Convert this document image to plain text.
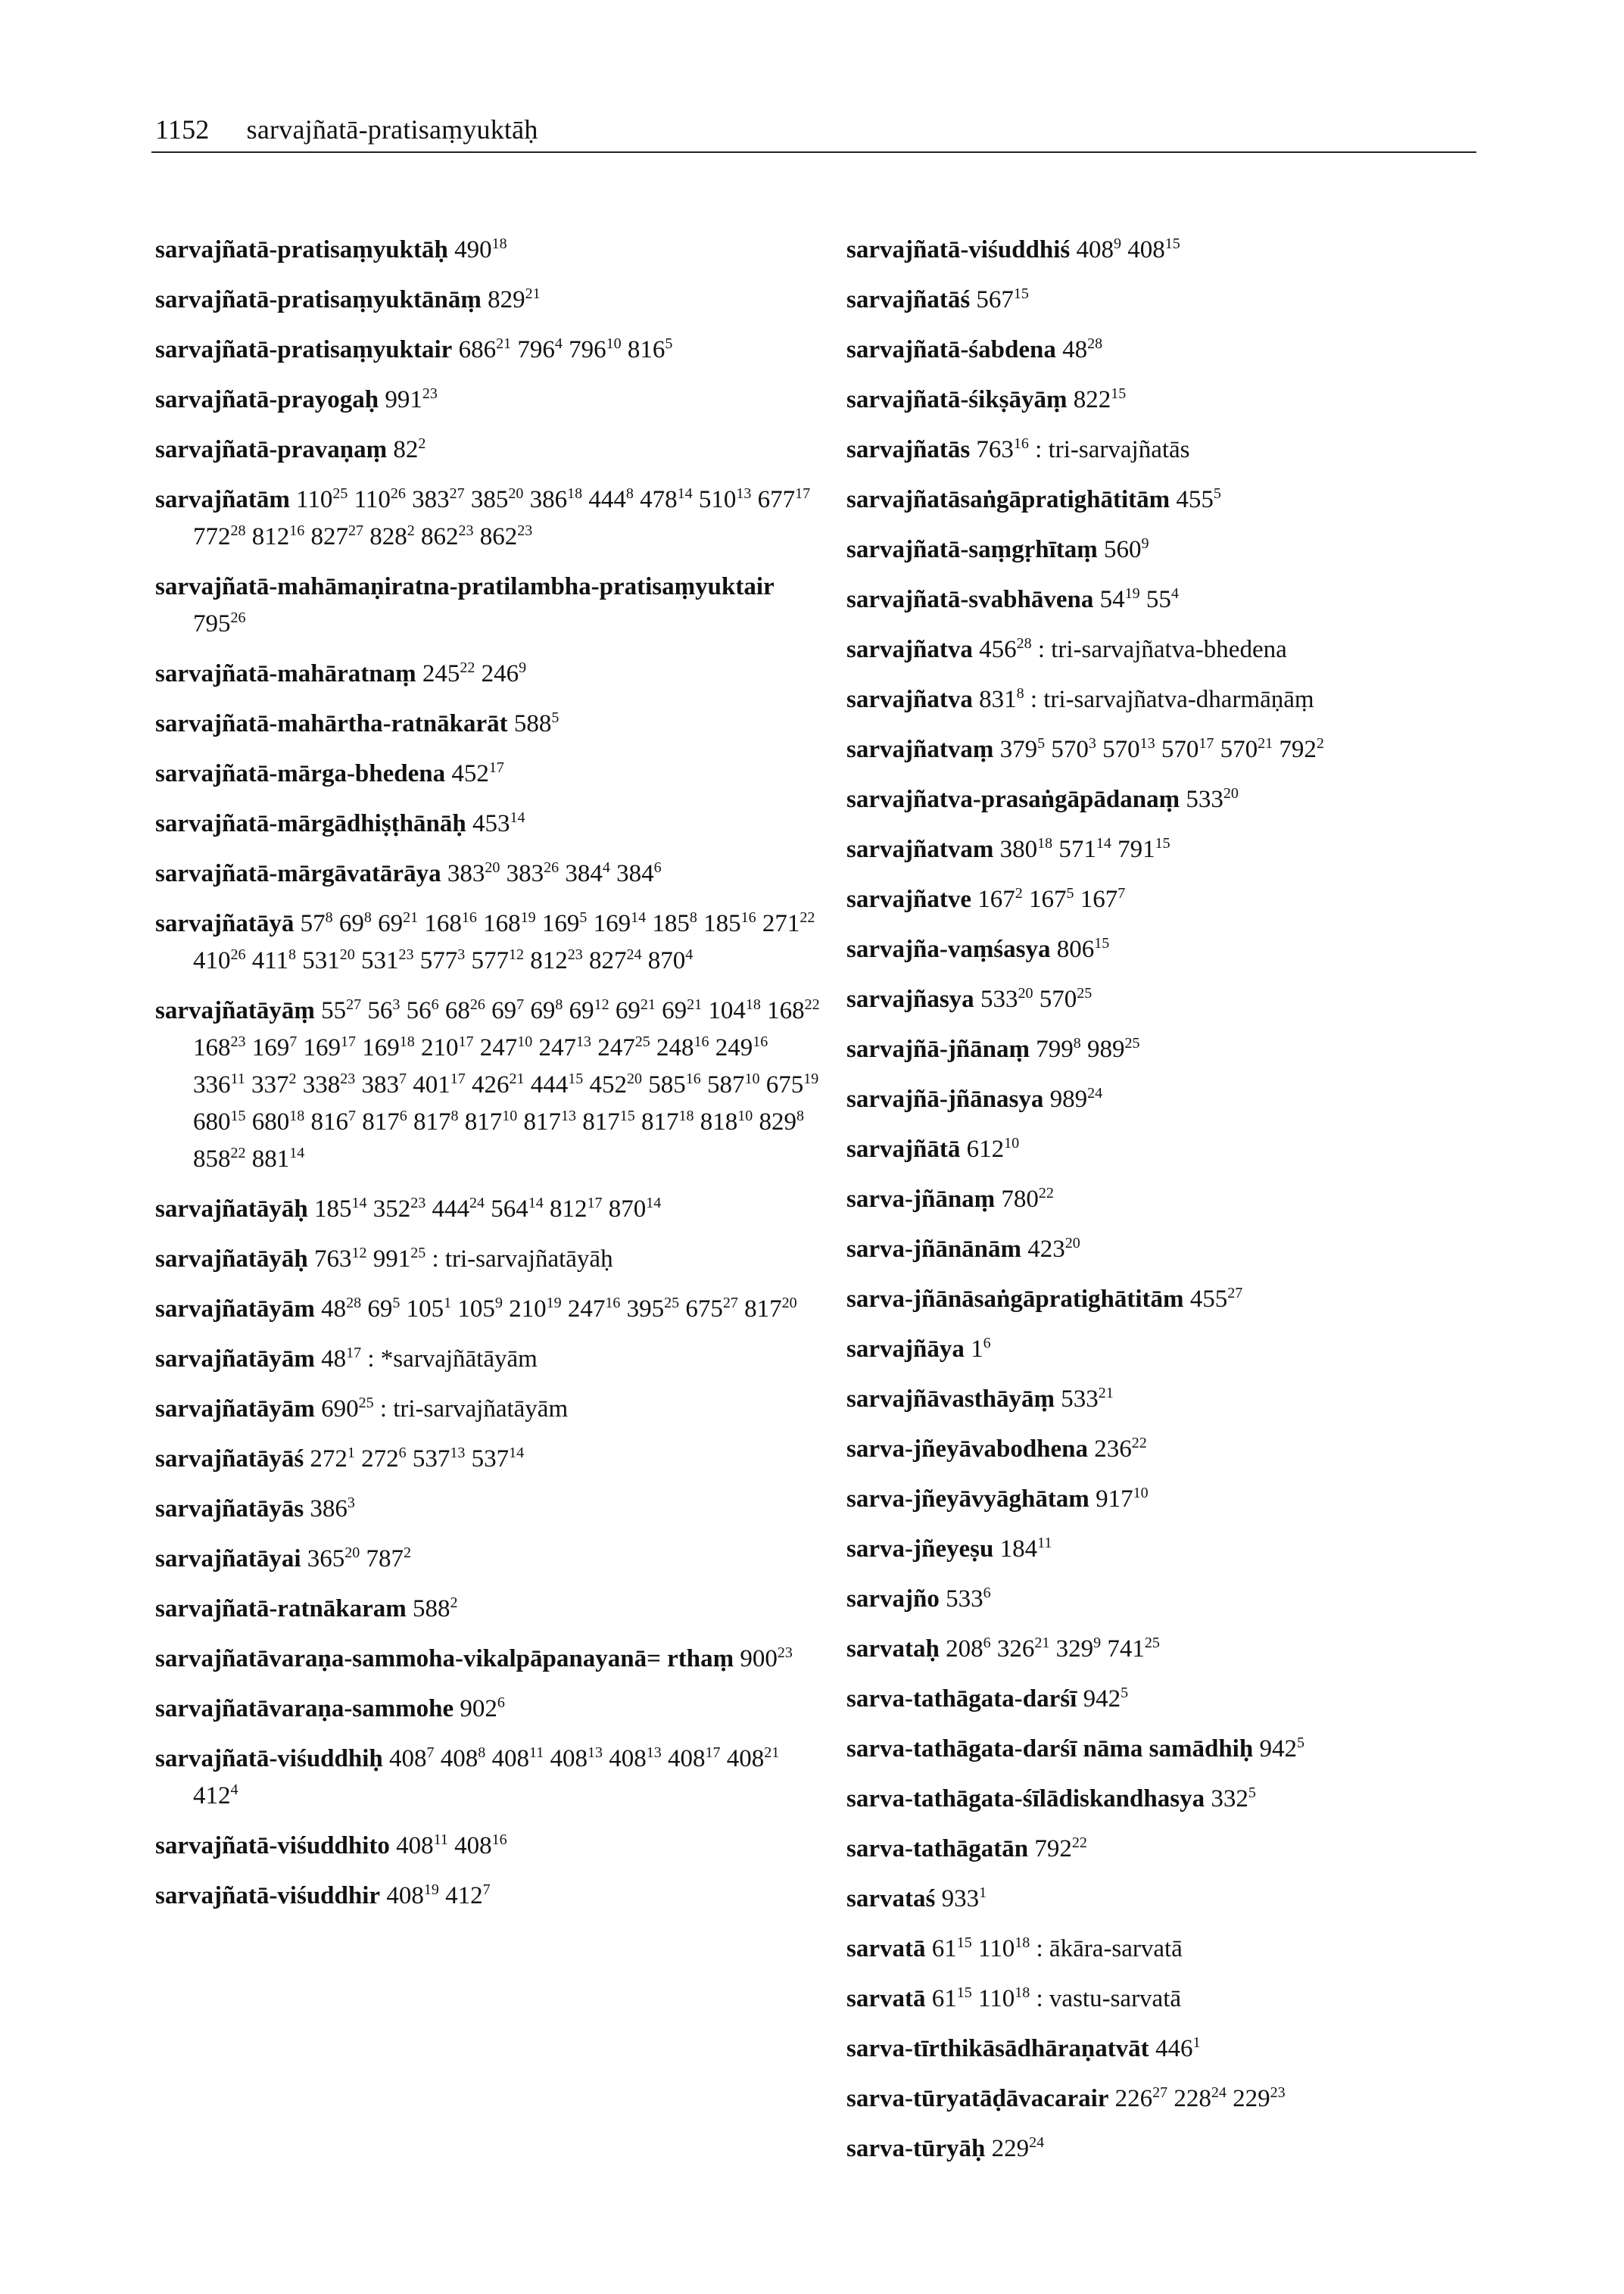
1152 sarvajñatā-pratisaṃyuktāḥ
sarvajñatā-pratisaṃyuktāḥ $490^{18}$
sarvajñatā-pratisaṃyuktānāṃ $829^{21}$
sarvajñatā-pratisaṃyuktair $686^{21}$ $796^4$ $796^{10}$ $816^5$
sarvajñatā-prayogaḥ $991^{23}$
sarvajñatā-pravaṇaṃ $82^2$
sarvajñatām $110^{25}$ $110^{26}$ $383^{27}$ $385^{20}$ $386^{18}$ $444^8$ $478^{14}$ $510^{13}$ $677^{17}$ $772^{28}$ $812^{16}$ $827^{27}$ $828^2$ $862^{23}$ $862^{23}$
sarvajñatā-mahāmaṇiratna-pratilambha-pratisaṃyuktair $795^{26}$
sarvajñatā-mahāratnaṃ $245^{22}$ $246^9$
sarvajñatā-mahārtha-ratnākarāt $588^5$
sarvajñatā-mārga-bhedena $452^{17}$
sarvajñatā-mārgādhiṣṭhānāḥ $453^{14}$
sarvajñatā-mārgāvatārāya $383^{20}$ $383^{26}$ $384^4$ $384^6$
sarvajñatāyā $57^8$ $69^8$ $69^{21}$ $168^{16}$ $168^{19}$ $169^5$ $169^{14}$ $185^8$ $185^{16}$ $271^{22}$ $410^{26}$ $411^8$ $531^{20}$ $531^{23}$ $577^3$ $577^{12}$ $812^{23}$ $827^{24}$ $870^4$
sarvajñatāyāṃ $55^{27}$ $56^3$ $56^6$ $68^{26}$ $69^7$ $69^8$ $69^{12}$ $69^{21}$ $69^{21}$ $104^{18}$ $168^{22}$ $168^{23}$ $169^7$ $169^{17}$ $169^{18}$ $210^{17}$ $247^{10}$ $247^{13}$ $247^{25}$ $248^{16}$ $249^{16}$ $336^{11}$ $337^2$ $338^{23}$ $383^7$ $401^{17}$ $426^{21}$ $444^{15}$ $452^{20}$ $585^{16}$ $587^{10}$ $675^{19}$ $680^{15}$ $680^{18}$ $816^7$ $817^6$ $817^8$ $817^{10}$ $817^{13}$ $817^{15}$ $817^{18}$ $818^{10}$ $829^8$ $858^{22}$ $881^{14}$
sarvajñatāyāḥ $185^{14}$ $352^{23}$ $444^{24}$ $564^{14}$ $812^{17}$ $870^{14}$
sarvajñatāyāḥ $763^{12}$ $991^{25}$ : tri-sarvajñatāyāḥ
sarvajñatāyām $48^{28}$ $69^5$ $105^1$ $105^9$ $210^{19}$ $247^{16}$ $395^{25}$ $675^{27}$ $817^{20}$
sarvajñatāyām $48^{17}$ : *sarvajñātāyām
sarvajñatāyām $690^{25}$ : tri-sarvajñatāyām
sarvajñatāyāś $272^1$ $272^6$ $537^{13}$ $537^{14}$
sarvajñatāyās $386^3$
sarvajñatāyai $365^{20}$ $787^2$
sarvajñatā-ratnākaram $588^2$
sarvajñatāvaraṇa-sammoha-vikalpāpanayanā= rthaṃ $900^{23}$
sarvajñatāvaraṇa-sammohe $902^6$
sarvajñatā-viśuddhiḥ $408^7$ $408^8$ $408^{11}$ $408^{13}$ $408^{13}$ $408^{17}$ $408^{21}$ $412^4$
sarvajñatā-viśuddhito $408^{11}$ $408^{16}$
sarvajñatā-viśuddhir $408^{19}$ $412^7$
sarvajñatā-viśuddhiś $408^9$ $408^{15}$
sarvajñatāś $567^{15}$
sarvajñatā-śabdena $48^{28}$
sarvajñatā-śikṣāyāṃ $822^{15}$
sarvajñatās $763^{16}$ : tri-sarvajñatās
sarvajñatāsaṅgāpratighātitām $455^5$
sarvajñatā-saṃgṛhītaṃ $560^9$
sarvajñatā-svabhāvena $54^{19}$ $55^4$
sarvajñatva $456^{28}$ : tri-sarvajñatva-bhedena
sarvajñatva $831^8$ : tri-sarvajñatva-dharmāṇāṃ
sarvajñatvaṃ $379^5$ $570^3$ $570^{13}$ $570^{17}$ $570^{21}$ $792^2$
sarvajñatva-prasaṅgāpādanaṃ $533^{20}$
sarvajñatvam $380^{18}$ $571^{14}$ $791^{15}$
sarvajñatve $167^2$ $167^5$ $167^7$
sarvajña-vaṃśasya $806^{15}$
sarvajñasya $533^{20}$ $570^{25}$
sarvajñā-jñānaṃ $799^8$ $989^{25}$
sarvajñā-jñānasya $989^{24}$
sarvajñātā $612^{10}$
sarva-jñānaṃ $780^{22}$
sarva-jñānānām $423^{20}$
sarva-jñānāsaṅgāpratighātitām $455^{27}$
sarvajñāya $1^6$
sarvajñāvasthāyāṃ $533^{21}$
sarva-jñeyāvabodhena $236^{22}$
sarva-jñeyāvyāghātam $917^{10}$
sarva-jñeyeṣu $184^{11}$
sarvajño $533^6$
sarvataḥ $208^6$ $326^{21}$ $329^9$ $741^{25}$
sarva-tathāgata-darśī $942^5$
sarva-tathāgata-darśī nāma samādhiḥ $942^5$
sarva-tathāgata-śīlādiskandhasya $332^5$
sarva-tathāgatān $792^{22}$
sarvataś $933^1$
sarvatā $61^{15}$ $110^{18}$ : ākāra-sarvatā
sarvatā $61^{15}$ $110^{18}$ : vastu-sarvatā
sarva-tīrthikāsādhāraṇatvāt $446^1$
sarva-tūryatāḍāvacarair $226^{27}$ $228^{24}$ $229^{23}$
sarva-tūryāḥ $229^{24}$
